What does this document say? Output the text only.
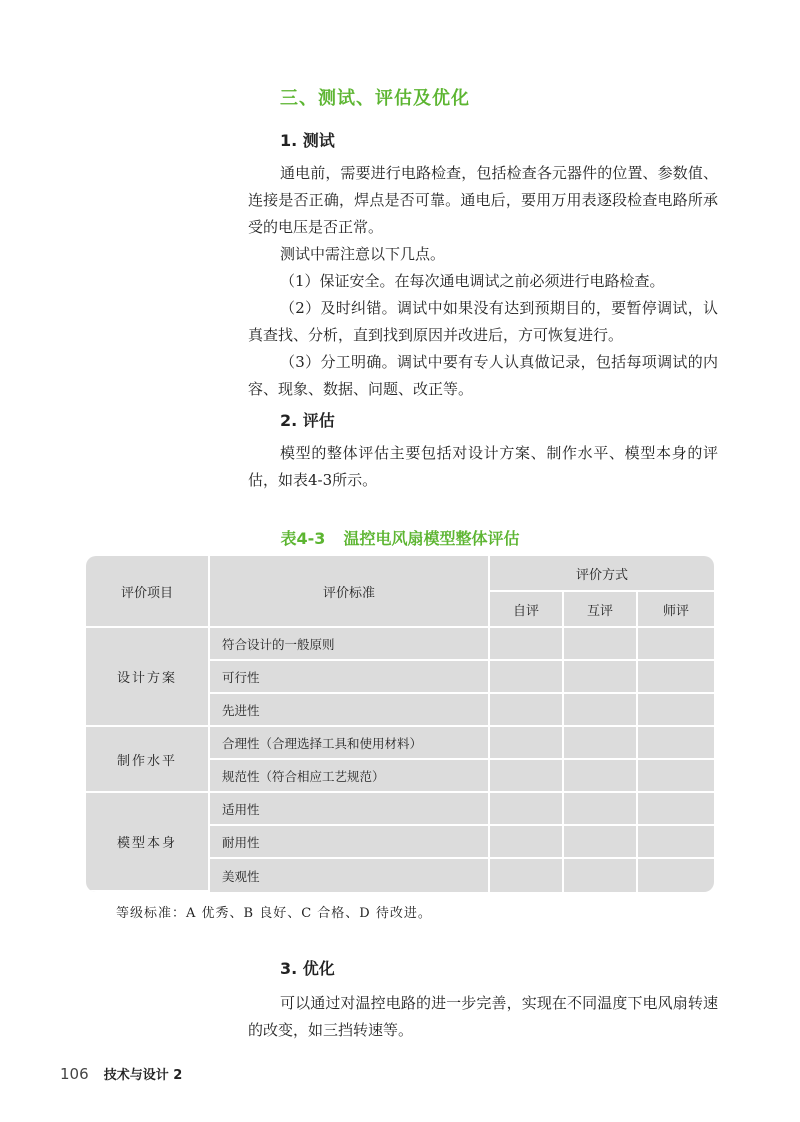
三、测试、评估及优化
1. 测试

通电前，需要进行电路检查，包括检查各元器件的位置、参数值、连接是否正确，焊点是否可靠。通电后，要用万用表逐段检查电路所承受的电压是否正常。

测试中需注意以下几点。

（1）保证安全。在每次通电调试之前必须进行电路检查。

（2）及时纠错。调试中如果没有达到预期目的，要暂停调试，认真查找、分析，直到找到原因并改进后，方可恢复进行。

（3）分工明确。调试中要有专人认真做记录，包括每项调试的内容、现象、数据、问题、改正等。

2. 评估

模型的整体评估主要包括对设计方案、制作水平、模型本身的评估，如表4-3所示。

表4-3 温控电风扇模型整体评估
评价项目	评价标准	评价方式		
		自评	互评	师评
设计方案	符合设计的一般原则			
	可行性			
	先进性			
制作水平	合理性（合理选择工具和使用材料）			
	规范性（符合相应工艺规范）			
模型本身	适用性			
	耐用性			
	美观性			
等级标准：A 优秀、B 良好、C 合格、D 待改进。
3. 优化

可以通过对温控电路的进一步完善，实现在不同温度下电风扇转速的改变，如三挡转速等。

106 技术与设计 2
